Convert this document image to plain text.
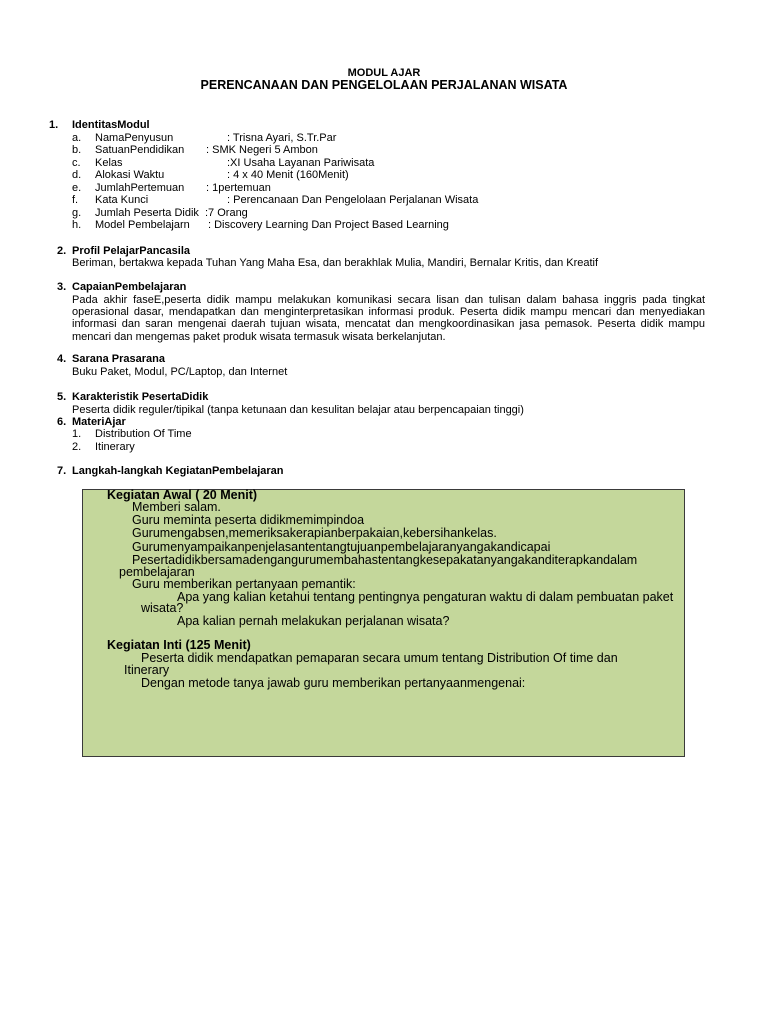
MODUL AJAR
PERENCANAAN DAN PENGELOLAAN PERJALANAN WISATA
1. IdentitasModul
a. NamaPenyusun	: Trisna Ayari, S.Tr.Par
b. SatuanPendidikan : SMK Negeri 5 Ambon
c. Kelas	:XI Usaha Layanan Pariwisata
d. Alokasi Waktu	: 4 x 40 Menit (160Menit)
e. JumlahPertemuan : 1pertemuan
f. Kata Kunci	: Perencanaan Dan Pengelolaan Perjalanan Wisata
g. Jumlah Peserta Didik :7 Orang
h. Model Pembelajarn : Discovery Learning Dan Project Based Learning
2. Profil PelajarPancasila
Beriman, bertakwa kepada Tuhan Yang Maha Esa, dan berakhlak Mulia, Mandiri, Bernalar Kritis, dan Kreatif
3. CapaianPembelajaran
Pada akhir faseE,peserta didik mampu melakukan komunikasi secara lisan dan tulisan dalam bahasa inggris pada tingkat operasional dasar, mendapatkan dan menginterpretasikan informasi produk. Peserta didik mampu mencari dan menyediakan informasi dan saran mengenai daerah tujuan wisata, mencatat dan mengkoordinasikan jasa pemasok. Peserta didik mampu mencari dan mengemas paket produk wisata termasuk wisata berkelanjutan.
4. Sarana Prasarana
Buku Paket, Modul, PC/Laptop, dan Internet
5. Karakteristik PesertaDidik
Peserta didik reguler/tipikal (tanpa ketunaan dan kesulitan belajar atau berpencapaian tinggi)
6. MateriAjar
1. Distribution Of Time
2. Itinerary
7. Langkah-langkah KegiatanPembelajaran
Kegiatan Awal ( 20 Menit)
Memberi salam.
Guru meminta peserta didikmemimpindoa
Gurumengabsen,memeriksakerapianberpakaian,kebersihankelas.
Gurumenyampaikanpenjelasantentangtujuanpembelajaranyangakandicapai
Pesertadidikbersamadengangurumembahastentangkesepakatanyangakanditerapkandalam
pembelajaran
Guru memberikan pertanyaan pemantik:
Apa yang kalian ketahui tentang pentingnya pengaturan waktu di dalam pembuatan paket
wisata?
Apa kalian pernah melakukan perjalanan wisata?
Kegiatan Inti (125 Menit)
Peserta didik mendapatkan pemaparan secara umum tentang Distribution Of time dan
Itinerary
Dengan metode tanya jawab guru memberikan pertanyaanmengenai:
